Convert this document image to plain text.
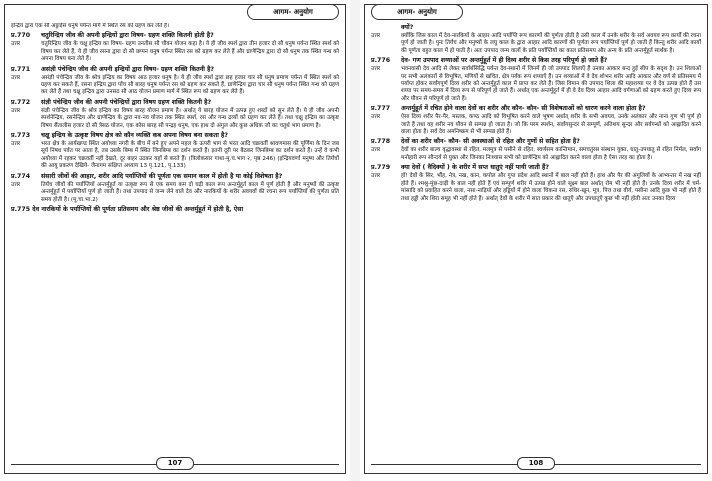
आगम- अनुयोग

इन्द्रिय द्वारा एक सौ अट्ठाईस धनुष पर्यन्त मार्ग में स्थित रस को ग्रहण कर लेते हैं।

प्र.770	चतुरिन्द्रिय जीव की अपनी इन्द्रियों द्वारा विषय- ग्रहण शक्ति कितनी होती है?
उत्तर	चतुरिन्द्रिय जीव के चक्षु इन्द्रिय का विषय- ग्रहण उनतीस सौ चौवन योजन कहा है। ये ही जीव स्पर्श द्वारा तीन हजार दो सौ धनुष पर्यन्त स्थित स्पर्श को विषय कर लेते हैं, ये ही जीव रसना द्वारा दो सौ छप्पन धनुष पर्यन्त स्थित रस को ग्रहण कर लेते हैं और घ्राणेन्द्रिय द्वारा दो सौ धनुष तक स्थित गन्ध को अपना विषय बना लेते हैं।
प्र.771	असंज्ञी पंचेन्द्रिय जीव की अपनी इन्द्रियों द्वारा विषय- ग्रहण शक्ति कितनी है?
उत्तर	असंज्ञी पंचेन्द्रिय जीव के श्रोत्र इन्द्रिय का विषय आठ हजार धनुष है। ये ही जीव स्पर्श द्वारा छह हजार चार सौ धनुष प्रमाण पर्यन्त में स्थित स्पर्श को ग्रहण कर सकते हैं, रसना इन्द्रिय द्वारा पाँच सौ बारह धनुष पर्यन्त रस को ग्रहण कर सकते हैं, घ्राणेन्द्रिय द्वारा चार सौ धनुष पर्यन्त स्थित गन्ध को ग्रहण कर लेते हैं तथा चक्षु इन्द्रिय द्वारा उनसठ सौ आठ योजन प्रमाण मार्ग में स्थित रूप को ग्रहण कर लेते हैं।
प्र.772	संज्ञी पंचेन्द्रिय जीव की अपनी पंचेन्द्रियों द्वारा विषय ग्रहण शक्ति कितनी है?
उत्तर	संज्ञी पंचेन्द्रिय जीव के श्रोत्र इन्द्रिय का विषय बारह योजन प्रमाण है। अर्थात् ये बारह योजन में उत्पन्न हुए शब्दों को सुन लेते हैं। ये ही जीव अपनी स्पर्शनेन्द्रिय, रसनेन्द्रिय और घ्राणेन्द्रिय के द्वारा नव-नव योजन तक स्थित स्पर्श, रस और गन्ध द्रव्यों को ग्रहण कर लेते हैं। तथा चक्षु इन्द्रिय का उत्कृष्ट विषय सैंतालीस हजार दो सौ त्रेसठ योजन, एक कोस बारह सौ पन्द्रह धनुष, एक हाथ दो अंगुल और कुछ अधिक जौ का चतुर्थ भाग प्रमाण है।
प्र.773	चक्षु इन्द्रिय के उत्कृष्ट विषय क्षेत्र को कौन व्यक्ति कब अपना विषय बना सकता है?
उत्तर	भरत क्षेत्र के आर्यखण्ड स्थित अयोध्या नगरी के बीच में बने हुए अपने महल के ऊपरी भाग से भरत आदि चक्रवर्ती श्रावणमास की पूर्णिमा के दिन जब सूर्य निषध पर्वत पर आता है, तब उसके बिम्ब में स्थित जिनबिम्ब का दर्शन करते हैं। इतनी दूरी पर बैठकर जिनबिम्ब का दर्शन करते हैं। उन्हें वे कभी अयोध्या में रहकर चक्रवर्ती नहीं देखते, दूर बाहर उठकर यहाँ से करते हैं। (त्रिलोकसार गाथा-मू.च.भाग २, पृष्ठ 246) (इन्द्रियवर्णा मनुष्य और तिर्यंचों की आयु प्रकरण देखिये- जैनागम संक्षिप्त अध्याय 13 पृ.121, पृ.133)
प्र.774	संसारी जीवों की आहार, शरीर आदि पर्याप्तियों की पूर्णता एक समान काल में होती है या कोई विशेषता है?
उत्तर	तिर्यंच जीवों की पर्याप्तियाँ अन्तर्मुहूर्त या उत्कृष्ट रूप से एक समय कम दो घड़ी काल रूप अन्तर्मुहूर्त काल में पूर्ण होती हैं और मनुष्यों की उत्कृष्ट अन्तर्मुहूर्त में पर्याप्तियाँ पूर्ण हो जाती हैं। तथा उपपाद से जन्म लेने वाले देव और नारकियों के शरीर अवयवों की रचना रूप पर्याप्तियाँ की पूर्णता प्रति समय होती है। (मू.चा.भा.2)

प्र.775 देव नारकियों के पर्याप्तियों की पूर्णता प्रतिसमय और श्रेष्ठ जीवों की अन्तर्मुहूर्त में होती है, ऐसा

107
आगम- अनुयोग
क्यों?
उत्तर	क्योंकि जिस काल में देव-नारकियों के आहार आदि पर्याप्ति रूप कारणों की पूर्णता होती है उसी काल में उनके शरीर के सर्व अवयव रूप कार्यों की रचना पूर्ण हो जाती है। पुनः तिर्यंच और मनुष्यों के लघु काल के द्वारा आहार आदि कारणों की पूर्णता रूप पर्याप्तियाँ पूर्ण हो जाती हैं किन्तु शरीर आदि कार्यों की पूर्णता बहुत काल में हो पाती है। अतः उपपाद जन्म वालों के प्रति पर्याप्तियों का काल प्रतिसमय और अन्य के प्रति अन्तर्मुहूर्त सार्थक है।
प्र.776	देव- गण उपपाद शय्याओं पर अन्तर्मुहूर्त में ही दिव्य शरीर से किस तरह परिपूर्ण हो जाते हैं?
उत्तर	भवनवासी देव आदि से लेकर सर्वार्थसिद्धि पर्यन्त देव-स्थानों में जिनमें ही जो उपपाद शिलाएँ हैं उनका आकार बन्द हुई सीप के सदृश है। उन शिलाओं पर सभी अलंकारों से विभूषित, मणियों से खचित, क्षेत्र पर्यंक रूप शय्याएँ हैं। उन शय्याओं में वे देव शोभन शरीर आदि आकार और वर्ण से प्रतिसमय में पर्याप्त होकर सर्वांगपूर्ण दिव्य शरीर को अन्तर्मुहूर्त काल में प्राप्त कर लेते हैं। जिस विमान की उपपाद शिला की महाशय्या पर वे देव उत्पन्न होते हैं उस शय्या पर समय-समय में दिव्य रूप से परिपूर्ण हो जाते हैं। अर्थात् एक अन्तर्मुहूर्त में ही वे देव दिव्य आहार आदि वर्गणाओं को ग्रहण करते हुए दिव्य रूप और यौवन से परिपूर्ण हो जाते हैं।
प्र.777	अन्तर्मुहूर्त में रचित होने वाला देवों का शरीर और कौन- कौन- सी विशेषताओं को धारण करने वाला होता है?
उत्तर	ऐसा दिव्य शरीर पैर-पैर, मस्तक, कण्ठ आदि को विभूषित करने वाले भूषण अर्थात् शरीर के सभी अवयव, उनके अलंकार और नाना गुण भी पूर्ण हो जाते हैं तथा वह शरीर नव यौवन से सम्पन्न हो जाता है। जो कि परम स्पर्शन, सर्वांगसुन्दर से सम्पूर्ण, अतिशय सुन्दर और सर्वगन्धों को आह्लादित करने वाला होता है। सर्व देव अमनिष्क्रम से भी सम्पन्न होते हैं।
प्र.778	देवों का शरीर कौन- कौन- सी अवस्थाओं से रहित और गुणों से सहित होता है?
उत्तर	देवों का शरीर बाल्य वृद्धावस्था से रहित, मलमूत्र से पसीने से रहित, स्वर्णसम कान्तिमान, समचतुरस्र संस्थान युक्त, धातु-उपधातु से रहित निर्मल, सर्वांग मनोहारी रूप सौन्दर्य से युक्त और जिनका निःश्वास सभी को घ्राणेन्द्रिय को आह्लादित करने वाला होता है ऐसा तरह का होता है।
प्र.779	क्या देवों ( वैदिक्यों ) के शरीर में सप्त धातुएं नहीं पायी जाती हैं?
उत्तर	हाँ! देवों के सिर, भौंह, नेत्र, नख, कान, कपोल और गुप्त प्रदेश आदि स्थानों में बाल नहीं होते हैं। हाथ और पैर की अंगुलियों के आभ्यन्तर में नख नहीं होते हैं। श्मश्रु-मूंछ-दाढ़ी के बाल नहीं होते हैं एवं सम्पूर्ण शरीर में उत्पन्न होने वाले सूक्ष्म बाल अर्थात् रोम भी नहीं होते हैं। उनके दिव्य शरीर में चर्म-मांसादि को प्रवाहित करने वाला, नसा-नाड़ियाँ और हड्डियों में होने वाला चिकना रस, रुधिर-खून, मूत्र, पित्त तथा वीर्य, पसीना आदि कुछ भी नहीं होते हैं तथा हड्डी और शिरा समूह भी नहीं होते हैं। अर्थात् देवों के शरीर में सात प्रकार की धातुएँ और उपधातुएँ कुछ भी नहीं होती अतः उनका दिव्य
108
